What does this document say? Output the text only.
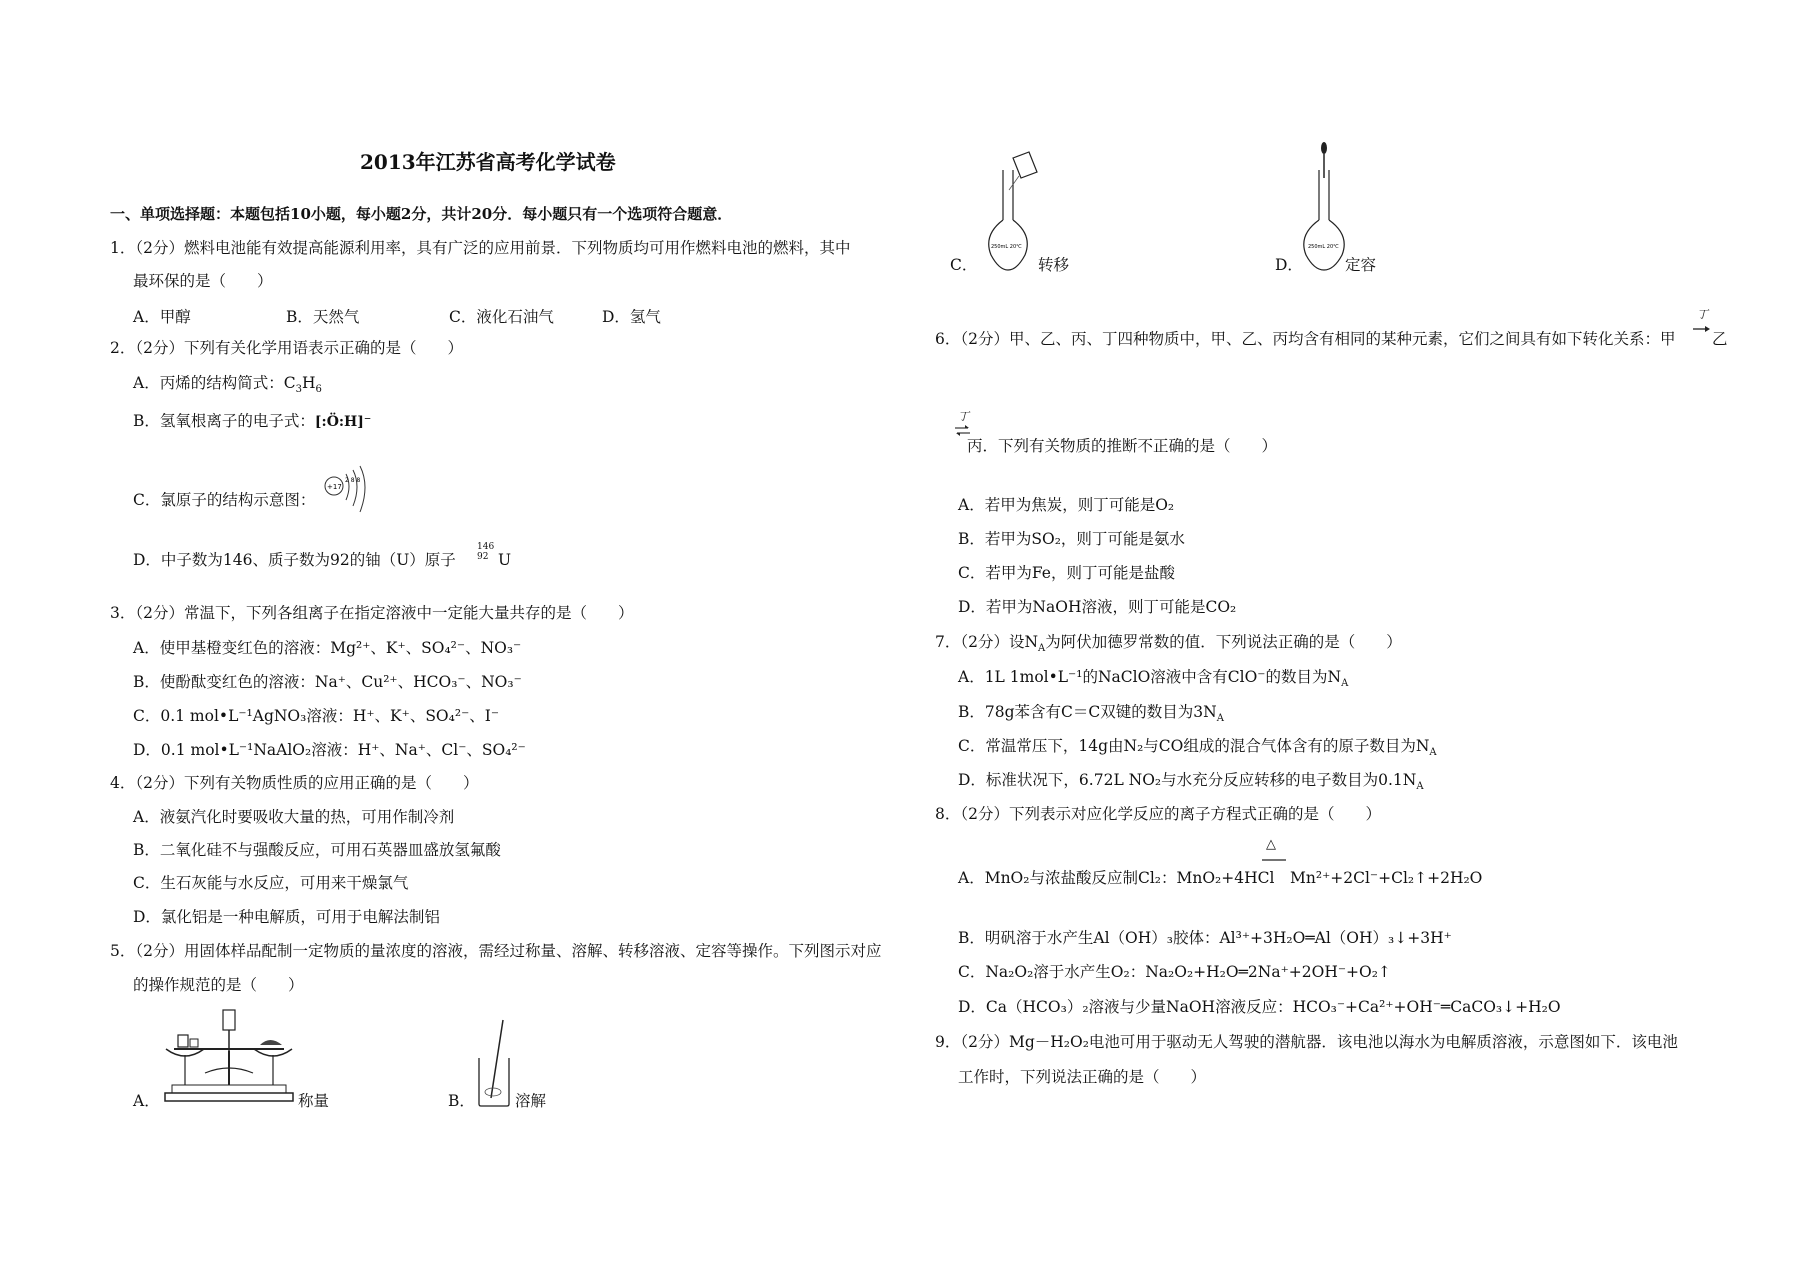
2013年江苏省高考化学试卷
一、单项选择题：本题包括10小题，每小题2分，共计20分．每小题只有一个选项符合题意．
1．（2分）燃料电池能有效提高能源利用率，具有广泛的应用前景．下列物质均可用作燃料电池的燃料，其中
最环保的是（　　）
A．甲醇	B．天然气	C．液化石油气	D．氢气
2．（2分）下列有关化学用语表示正确的是（　　）
A．丙烯的结构简式：$C_3H_6$
B．氢氧根离子的电子式：[:Ö:H]⁻
C．氯原子的结构示意图：
+17
2 8 8
D．中子数为146、质子数为92的铀（U）原子
146
92 U
3．（2分）常温下，下列各组离子在指定溶液中一定能大量共存的是（　　）
A．使甲基橙变红色的溶液：Mg²⁺、K⁺、SO₄²⁻、NO₃⁻
B．使酚酞变红色的溶液：Na⁺、Cu²⁺、HCO₃⁻、NO₃⁻
C．0.1 mol•L⁻¹AgNO₃溶液：H⁺、K⁺、SO₄²⁻、I⁻
D．0.1 mol•L⁻¹NaAlO₂溶液：H⁺、Na⁺、Cl⁻、SO₄²⁻
4．（2分）下列有关物质性质的应用正确的是（　　）
A．液氨汽化时要吸收大量的热，可用作制冷剂
B．二氧化硅不与强酸反应，可用石英器皿盛放氢氟酸
C．生石灰能与水反应，可用来干燥氯气
D．氯化铝是一种电解质，可用于电解法制铝
5．（2分）用固体样品配制一定物质的量浓度的溶液，需经过称量、溶解、转移溶液、定容等操作。下列图示对应
的操作规范的是（　　）
A．	称量	B．	溶解
C．
250mL 20℃
转移	D．
250mL 20℃
定容
6．（2分）甲、乙、丙、丁四种物质中，甲、乙、丙均含有相同的某种元素，它们之间具有如下转化关系：甲
丁
乙
丁
丙．下列有关物质的推断不正确的是（　　）
A．若甲为焦炭，则丁可能是O₂
B．若甲为SO₂，则丁可能是氨水
C．若甲为Fe，则丁可能是盐酸
D．若甲为NaOH溶液，则丁可能是CO₂
7．（2分）设$N_A$为阿伏加德罗常数的值．下列说法正确的是（　　）
A．1L 1mol•L⁻¹的NaClO溶液中含有ClO⁻的数目为$N_A$
B．78g苯含有C＝C双键的数目为$3N_A$
C．常温常压下，14g由N₂与CO组成的混合气体含有的原子数目为$N_A$
D．标准状况下，6.72L NO₂与水充分反应转移的电子数目为$0.1N_A$
8．（2分）下列表示对应化学反应的离子方程式正确的是（　　）
△
A．MnO₂与浓盐酸反应制Cl₂：MnO₂+4HCl Mn²⁺+2Cl⁻+Cl₂↑+2H₂O
B．明矾溶于水产生Al（OH）₃胶体：Al³⁺+3H₂O═Al（OH）₃↓+3H⁺
C．Na₂O₂溶于水产生O₂：Na₂O₂+H₂O═2Na⁺+2OH⁻+O₂↑
D．Ca（HCO₃）₂溶液与少量NaOH溶液反应：HCO₃⁻+Ca²⁺+OH⁻═CaCO₃↓+H₂O
9．（2分）Mg－H₂O₂电池可用于驱动无人驾驶的潜航器．该电池以海水为电解质溶液，示意图如下．该电池
工作时，下列说法正确的是（　　）
